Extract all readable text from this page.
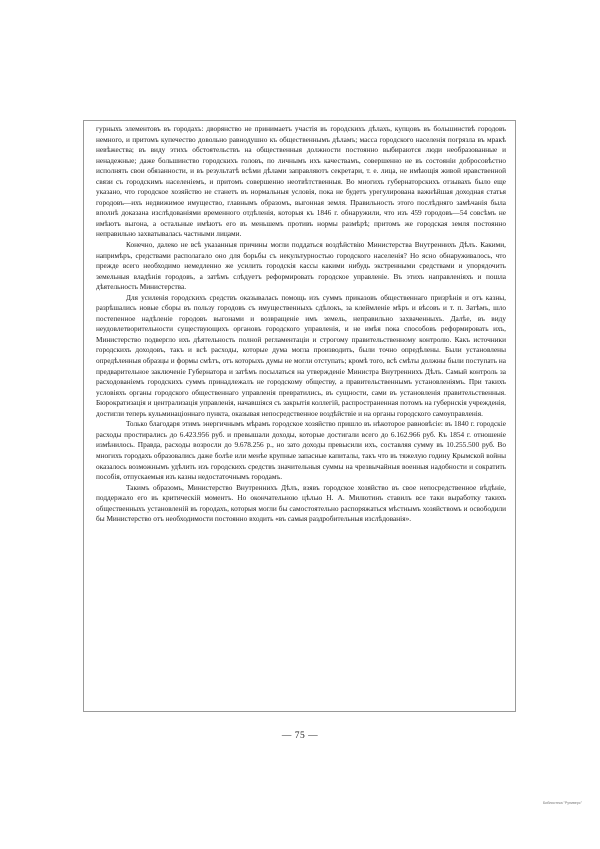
гурныхъ элементовъ въ городахъ: дворянство не принимаетъ участія въ городскихъ дѣлахъ, купцовъ въ большинствѣ городовъ немного, и притомъ купечество довольно равнодушно къ общественнымъ дѣламъ; масса городского населенія погрязла въ мракѣ невѣжества; въ виду этихъ обстоятельствъ на общественныя должности постоянно выбираются люди необразованные и ненадежные; даже большинство городскихъ головъ, по личнымъ ихъ качествамъ, совершенно не въ состояніи добросовѣстно исполнять свои обязанности, и въ результатѣ всѣми дѣлами заправляютъ секретари, т. е. лица, не имѣющія живой нравственной связи съ городскимъ населеніемъ, и притомъ совершенно неотвѣтственныя. Во многихъ губернаторскихъ отзывахъ было еще указано, что городское хозяйство не станетъ въ нормальныя условія, пока не будетъ урегулирована важнѣйшая доходная статья городовъ—ихъ недвижимое имущество, главнымъ образомъ, выгонная земля. Правильность этого послѣдняго замѣчанія была вполнѣ доказана изслѣдованіями временного отдѣленія, которыя къ 1846 г. обнаружили, что изъ 459 городовъ—54 совсѣмъ не имѣютъ выгона, а остальные имѣютъ его въ меньшемъ противъ нормы размѣрѣ; притомъ же городская земля постоянно неправильно захватывалась частными лицами.

Конечно, далеко не всѣ указанныя причины могли поддаться воздѣйствію Министерства Внутреннихъ Дѣлъ. Какими, напримѣръ, средствами располагало оно для борьбы съ некультурностью городского населенія? Но ясно обнаруживалось, что прежде всего необходимо немедленно же усилить городскія кассы какими нибудь экстренными средствами и упорядочить земельныя владѣнія городовъ, а затѣмъ слѣдуетъ реформировать городское управленіе. Въ этихъ направленіяхъ и пошла дѣятельность Министерства.

Для усиленія городскихъ средствъ оказывалась помощь изъ суммъ приказовъ общественнаго призрѣнія и отъ казны, разрѣшались новые сборы въ пользу городовъ съ имущественныхъ сдѣлокъ, за клеймленіе мѣръ и вѣсовъ и т. п. Затѣмъ, шло постепенное надѣленіе городовъ выгонами и возвращеніе имъ земель, неправильно захваченныхъ. Далѣе, въ виду неудовлетворительности существующихъ органовъ городского управленія, и не имѣя пока способовъ реформировать ихъ, Министерство подвергло ихъ дѣятельность полной регламентаціи и строгому правительственному контролю. Какъ источники городскихъ доходовъ, такъ и всѣ расходы, которые дума могла производить, были точно опредѣлены. Были установлены опредѣленныя образцы и формы смѣтъ, отъ которыхъ думы не могли отступать; кромѣ того, всѣ смѣты должны были поступать на предварительное заключеніе Губернатора и затѣмъ посылаться на утвержденіе Министра Внутреннихъ Дѣлъ. Самый контроль за расходованіемъ городскихъ суммъ принадлежалъ не городскому обществу, а правительственнымъ установленіямъ. При такихъ условіяхъ органы городского общественнаго управленія превратились, въ сущности, сами въ установленія правительственныя. Бюрократизація и централизація управленія, начавшіяся съ закрытія коллегій, распространенная потомъ на губернскія учрежденія, достигли теперь кульминаціоннаго пункта, оказывая непосредственное воздѣйствіе и на органы городского самоуправленія.

Только благодаря этимъ энергичнымъ мѣрамъ городское хозяйство пришло въ нѣкоторое равновѣсіе: въ 1840 г. городскіе расходы простирались до 6.423.956 руб. и превышали доходы, которые достигали всего до 6.162.966 руб. Къ 1854 г. отношеніе измѣнилось. Правда, расходы возросли до 9.678.256 р., но зато доходы превысили ихъ, составляя сумму въ 10.255.500 руб. Во многихъ городахъ образовались даже болѣе или менѣе крупные запасные капиталы, такъ что въ тяжелую годину Крымской войны оказалось возможнымъ удѣлить изъ городскихъ средствъ значительныя суммы на чрезвычайныя военныя надобности и сократить пособія, отпускаемыя изъ казны недостаточнымъ городамъ.

Такимъ образомъ, Министерство Внутреннихъ Дѣлъ, взявъ городское хозяйство въ свое непосредственное вѣдѣніе, поддержало его въ критическій моментъ. Но окончательною цѣлью Н. А. Милютинъ ставилъ все таки выработку такихъ общественныхъ установленій въ городахъ, которыя могли бы самостоятельно распоряжаться мѣстнымъ хозяйствомъ и освободили бы Министерство отъ необходимости постоянно входить «въ самыя раздробительныя изслѣдованія».

— 75 —
Библиотека "Руниверс"
